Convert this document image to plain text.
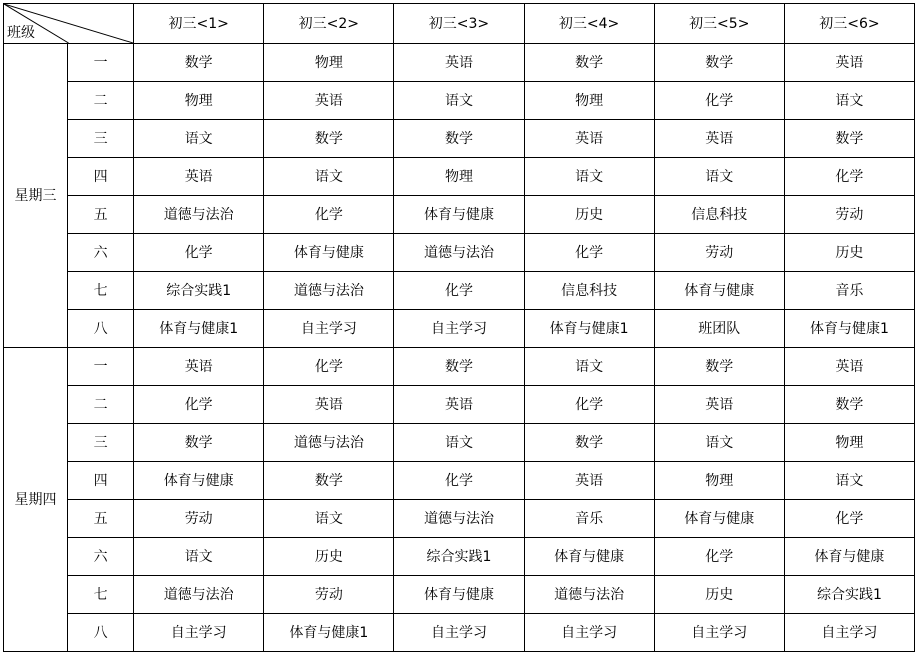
班级		初三<1>	初三<2>	初三<3>	初三<4>	初三<5>	初三<6>
星期三	一	数学	物理	英语	数学	数学	英语
	二	物理	英语	语文	物理	化学	语文
	三	语文	数学	数学	英语	英语	数学
	四	英语	语文	物理	语文	语文	化学
	五	道德与法治	化学	体育与健康	历史	信息科技	劳动
	六	化学	体育与健康	道德与法治	化学	劳动	历史
	七	综合实践1	道德与法治	化学	信息科技	体育与健康	音乐
	八	体育与健康1	自主学习	自主学习	体育与健康1	班团队	体育与健康1
星期四	一	英语	化学	数学	语文	数学	英语
	二	化学	英语	英语	化学	英语	数学
	三	数学	道德与法治	语文	数学	语文	物理
	四	体育与健康	数学	化学	英语	物理	语文
	五	劳动	语文	道德与法治	音乐	体育与健康	化学
	六	语文	历史	综合实践1	体育与健康	化学	体育与健康
	七	道德与法治	劳动	体育与健康	道德与法治	历史	综合实践1
	八	自主学习	体育与健康1	自主学习	自主学习	自主学习	自主学习
